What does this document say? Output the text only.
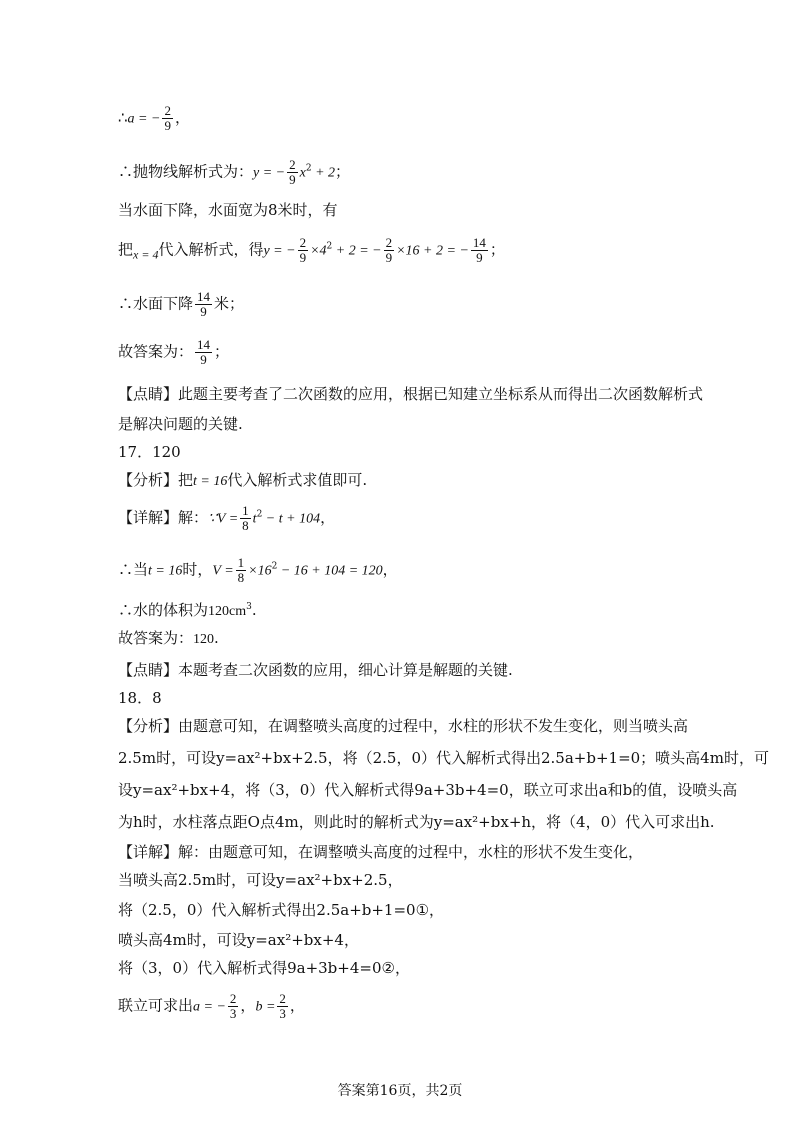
∴a = − $\frac{2}{9}$ ，
∴抛物线解析式为：y = − $\frac{2}{9} x^2 + 2$；
当水面下降，水面宽为8米时，有
把$_{x = 4}$代入解析式，得y = − $\frac{2}{9} \times 4^2 + 2$ = − $\frac{2}{9} \times 16 + 2$ = − $\frac{14}{9}$ ；
∴水面下降 $\frac{14}{9}$ 米；
故答案为： $\frac{14}{9}$ ；
【点睛】此题主要考查了二次函数的应用，根据已知建立坐标系从而得出二次函数解析式
是解决问题的关键.
17．120
【分析】把t = 16代入解析式求值即可.
【详解】解：∵V = $\frac{1}{8} t^2 - t + 104$，
∴当t = 16时，$V = \frac{1}{8} \times 16^2 - 16 + 104 = 120$，
∴水的体积为$120cm^3$.
故答案为：120.
【点睛】本题考查二次函数的应用，细心计算是解题的关键.
18．8
【分析】由题意可知，在调整喷头高度的过程中，水柱的形状不发生变化，则当喷头高
2.5m时，可设y=ax²+bx+2.5，将（2.5，0）代入解析式得出2.5a+b+1=0；喷头高4m时，可
设y=ax²+bx+4，将（3，0）代入解析式得9a+3b+4=0，联立可求出a和b的值，设喷头高
为h时，水柱落点距O点4m，则此时的解析式为y=ax²+bx+h，将（4，0）代入可求出h.
【详解】解：由题意可知，在调整喷头高度的过程中，水柱的形状不发生变化，
当喷头高2.5m时，可设y=ax²+bx+2.5，
将（2.5，0）代入解析式得出2.5a+b+1=0①，
喷头高4m时，可设y=ax²+bx+4，
将（3，0）代入解析式得9a+3b+4=0②，
联立可求出a = − $\frac{2}{3}$ ，$b = \frac{2}{3}$ ，
答案第16页，共2页
